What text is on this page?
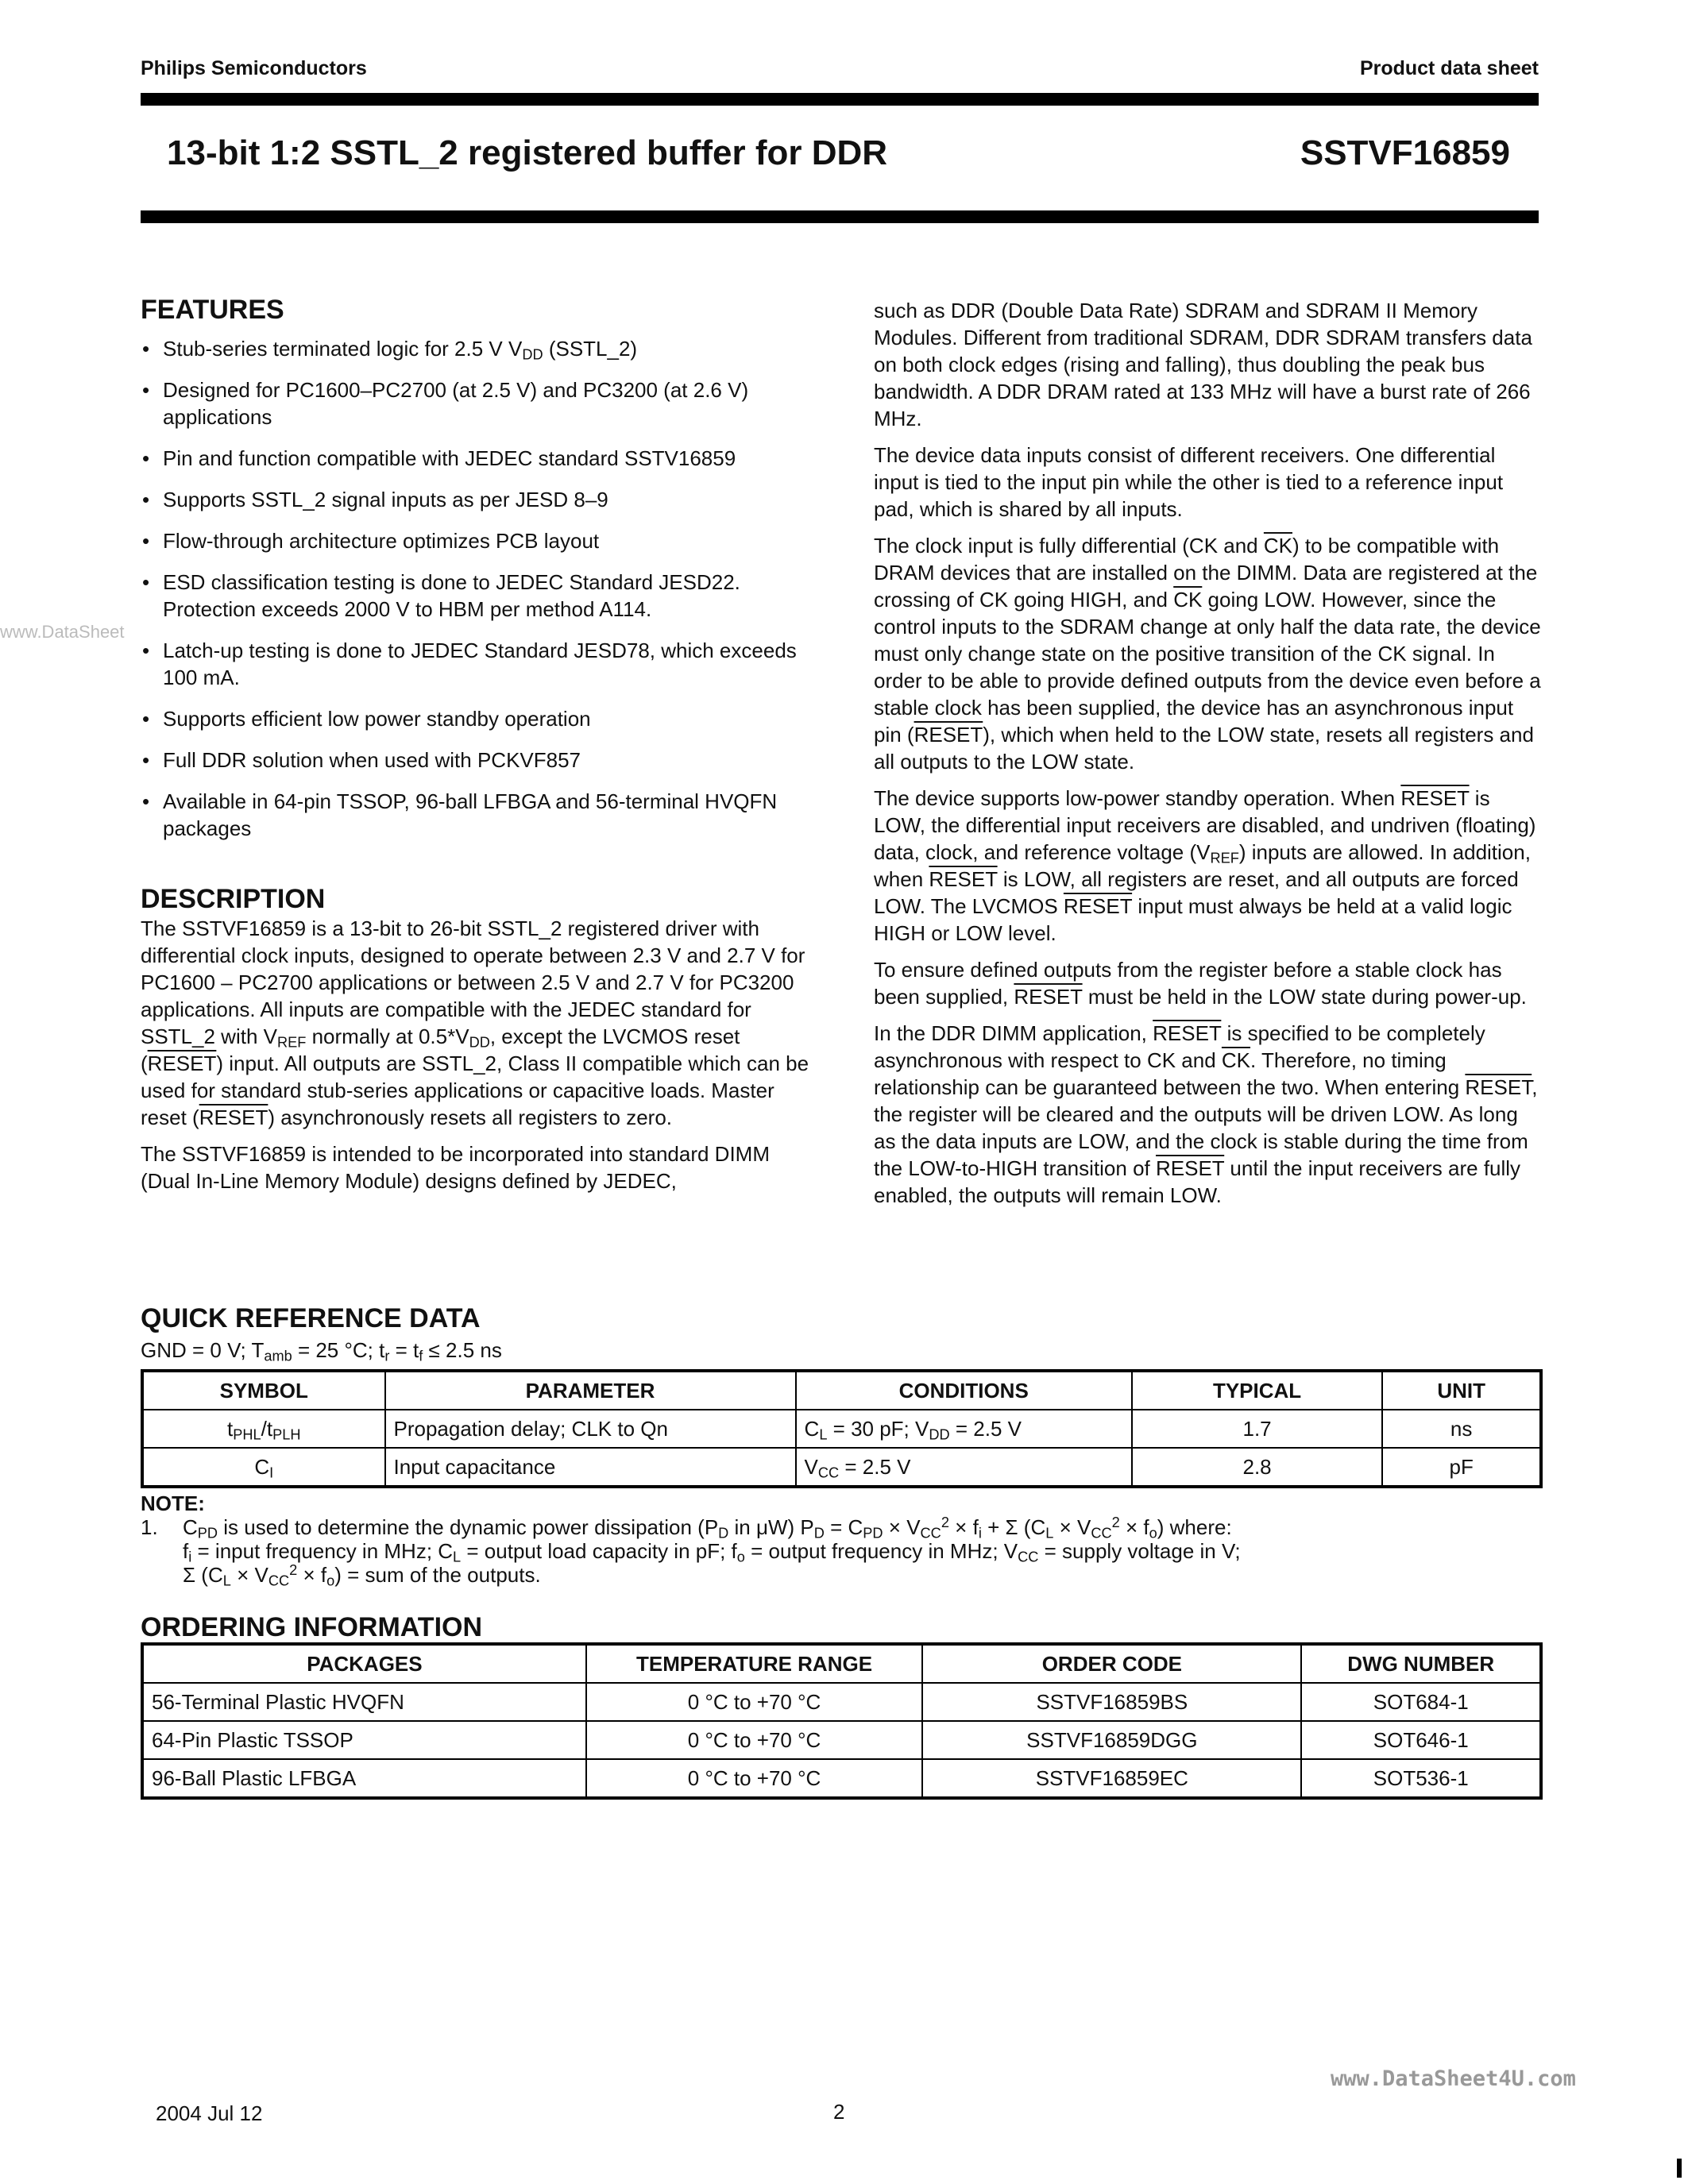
Philips Semiconductors	Product data sheet
13-bit 1:2 SSTL_2 registered buffer for DDR	SSTVF16859
www.DataSheet
FEATURES
• Stub-series terminated logic for 2.5 V $V_{DD}$ (SSTL_2)
• Designed for PC1600–PC2700 (at 2.5 V) and PC3200 (at 2.6 V) applications
• Pin and function compatible with JEDEC standard SSTV16859
• Supports SSTL_2 signal inputs as per JESD 8–9
• Flow-through architecture optimizes PCB layout
• ESD classification testing is done to JEDEC Standard JESD22. Protection exceeds 2000 V to HBM per method A114.
• Latch-up testing is done to JEDEC Standard JESD78, which exceeds 100 mA.
• Supports efficient low power standby operation
• Full DDR solution when used with PCKVF857
• Available in 64-pin TSSOP, 96-ball LFBGA and 56-terminal HVQFN packages
DESCRIPTION

The SSTVF16859 is a 13-bit to 26-bit SSTL_2 registered driver with differential clock inputs, designed to operate between 2.3 V and 2.7 V for PC1600 – PC2700 applications or between 2.5 V and 2.7 V for PC3200 applications. All inputs are compatible with the JEDEC standard for SSTL_2 with $V_{REF}$ normally at $0.5*V_{DD}$, except the LVCMOS reset (RESET) input. All outputs are SSTL_2, Class II compatible which can be used for standard stub-series applications or capacitive loads. Master reset (RESET) asynchronously resets all registers to zero.

The SSTVF16859 is intended to be incorporated into standard DIMM (Dual In-Line Memory Module) designs defined by JEDEC,

such as DDR (Double Data Rate) SDRAM and SDRAM II Memory Modules. Different from traditional SDRAM, DDR SDRAM transfers data on both clock edges (rising and falling), thus doubling the peak bus bandwidth. A DDR DRAM rated at 133 MHz will have a burst rate of 266 MHz.

The device data inputs consist of different receivers. One differential input is tied to the input pin while the other is tied to a reference input pad, which is shared by all inputs.

The clock input is fully differential (CK and $\overline{CK}$) to be compatible with DRAM devices that are installed on the DIMM. Data are registered at the crossing of CK going HIGH, and $\overline{CK}$ going LOW. However, since the control inputs to the SDRAM change at only half the data rate, the device must only change state on the positive transition of the CK signal. In order to be able to provide defined outputs from the device even before a stable clock has been supplied, the device has an asynchronous input pin (RESET), which when held to the LOW state, resets all registers and all outputs to the LOW state.

The device supports low-power standby operation. When RESET is LOW, the differential input receivers are disabled, and undriven (floating) data, clock, and reference voltage $(V_{REF})$ inputs are allowed. In addition, when RESET is LOW, all registers are reset, and all outputs are forced LOW. The LVCMOS RESET input must always be held at a valid logic HIGH or LOW level.

To ensure defined outputs from the register before a stable clock has been supplied, RESET must be held in the LOW state during power-up.

In the DDR DIMM application, RESET is specified to be completely asynchronous with respect to CK and $\overline{CK}$. Therefore, no timing relationship can be guaranteed between the two. When entering RESET, the register will be cleared and the outputs will be driven LOW. As long as the data inputs are LOW, and the clock is stable during the time from the LOW-to-HIGH transition of RESET until the input receivers are fully enabled, the outputs will remain LOW.

QUICK REFERENCE DATA
GND = 0 V; $T_{amb} = 25$ °C; $t_r = t_f \le 2.5$ ns
SYMBOL	PARAMETER	CONDITIONS	TYPICAL	UNIT
$t_{PHL}/t_{PLH}$	Propagation delay; CLK to Qn	$C_L = 30$ pF; $V_{DD} = 2.5$ V	1.7	ns
$C_I$	Input capacitance	$V_{CC} = 2.5$ V	2.8	pF
NOTE:
1. $C_{PD}$ is used to determine the dynamic power dissipation ($P_D$ in μW) $P_D = C_{PD} \times V_{CC}^2 \times f_i + \Sigma$ $(C_L \times V_{CC}^2 \times f_o)$ where:
$f_i$ = input frequency in MHz; $C_L$ = output load capacity in pF; $f_o$ = output frequency in MHz; $V_{CC}$ = supply voltage in V;
Σ $(C_L \times V_{CC}^2 \times f_o)$ = sum of the outputs.
ORDERING INFORMATION
PACKAGES	TEMPERATURE RANGE	ORDER CODE	DWG NUMBER
56-Terminal Plastic HVQFN	0 °C to +70 °C	SSTVF16859BS	SOT684-1
64-Pin Plastic TSSOP	0 °C to +70 °C	SSTVF16859DGG	SOT646-1
96-Ball Plastic LFBGA	0 °C to +70 °C	SSTVF16859EC	SOT536-1
www.DataSheet4U.com
2004 Jul 12	2
